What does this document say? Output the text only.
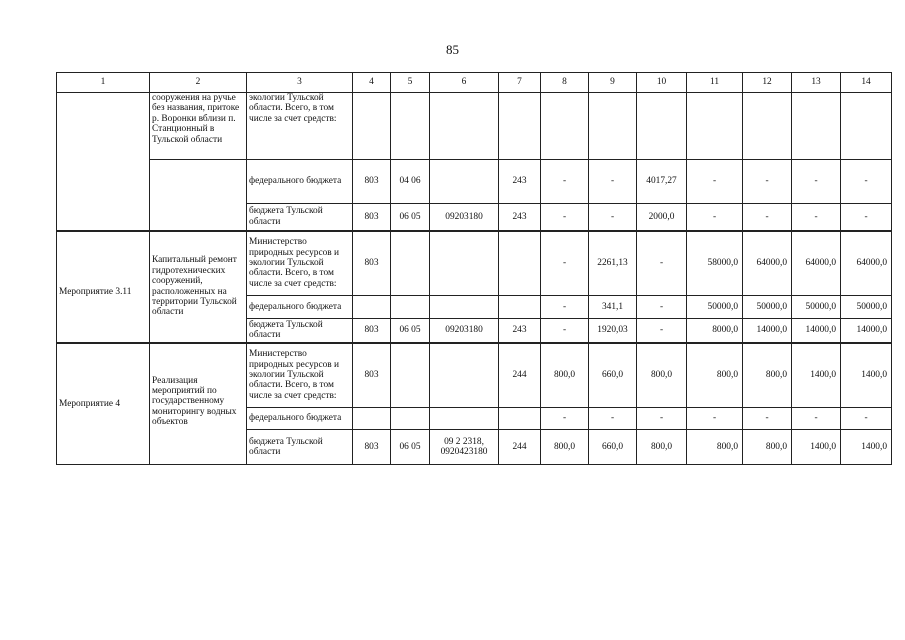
85
1	2	3	4	5	6	7	8	9	10	11	12	13	14
	сооружения на ручье без названия, притоке р. Воронки вблизи п. Станционный в Тульской области	экологии Тульской области. Всего, в том числе за счет средств:											
		федерального бюджета	803	04 06		243	-	-	4017,27	-	-	-	-
		бюджета Тульской области	803	06 05	09203180	243	-	-	2000,0	-	-	-	-
Мероприятие 3.11	Капитальный ремонт гидротехнических сооружений, расположенных на территории Тульской области	Министерство природных ресурсов и экологии Тульской области. Всего, в том числе за счет средств:	803				-	2261,13	-	58000,0	64000,0	64000,0	64000,0
		федерального бюджета					-	341,1	-	50000,0	50000,0	50000,0	50000,0
		бюджета Тульской области	803	06 05	09203180	243	-	1920,03	-	8000,0	14000,0	14000,0	14000,0
Мероприятие 4	Реализация мероприятий по государственному мониторингу водных объектов	Министерство природных ресурсов и экологии Тульской области. Всего, в том числе за счет средств:	803			244	800,0	660,0	800,0	800,0	800,0	1400,0	1400,0
		федерального бюджета					-	-	-	-	-	-	-
		бюджета Тульской области	803	06 05	09 2 2318, 0920423180	244	800,0	660,0	800,0	800,0	800,0	1400,0	1400,0
